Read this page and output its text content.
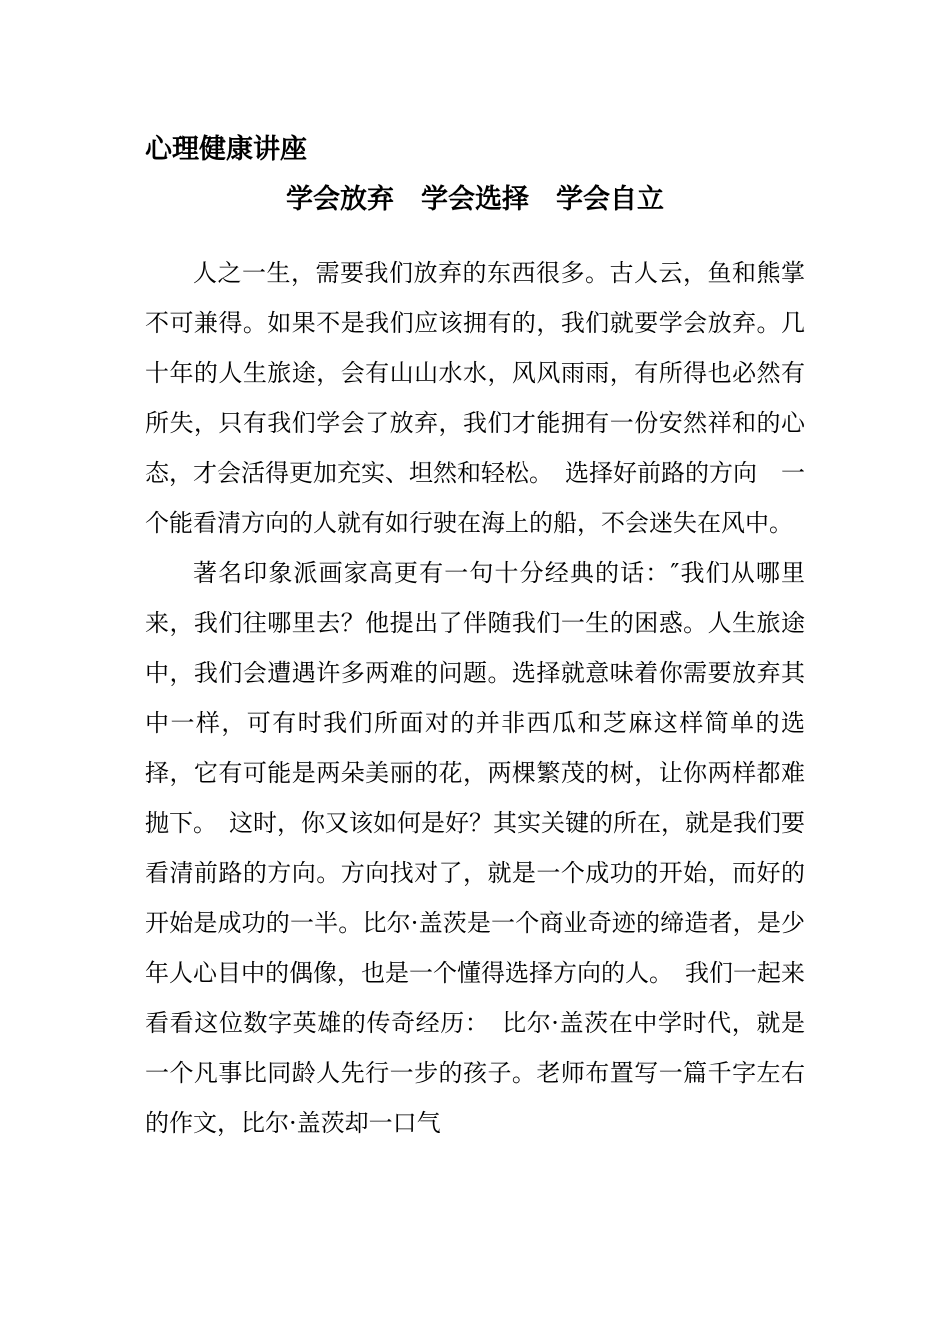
心理健康讲座
学会放弃　学会选择　学会自立

人之一生，需要我们放弃的东西很多。古人云，鱼和熊掌不可兼得。如果不是我们应该拥有的，我们就要学会放弃。几十年的人生旅途，会有山山水水，风风雨雨，有所得也必然有所失，只有我们学会了放弃，我们才能拥有一份安然祥和的心态，才会活得更加充实、坦然和轻松。　选择好前路的方向　一个能看清方向的人就有如行驶在海上的船，不会迷失在风中。

著名印象派画家高更有一句十分经典的话：″我们从哪里来，我们往哪里去？他提出了伴随我们一生的困惑。人生旅途中，我们会遭遇许多两难的问题。选择就意味着你需要放弃其中一样，可有时我们所面对的并非西瓜和芝麻这样简单的选择，它有可能是两朵美丽的花，两棵繁茂的树，让你两样都难抛下。　这时，你又该如何是好？其实关键的所在，就是我们要看清前路的方向。方向找对了，就是一个成功的开始，而好的开始是成功的一半。比尔·盖茨是一个商业奇迹的缔造者，是少年人心目中的偶像，也是一个懂得选择方向的人。　我们一起来看看这位数字英雄的传奇经历：　比尔·盖茨在中学时代，就是一个凡事比同龄人先行一步的孩子。老师布置写一篇千字左右的作文，比尔·盖茨却一口气
